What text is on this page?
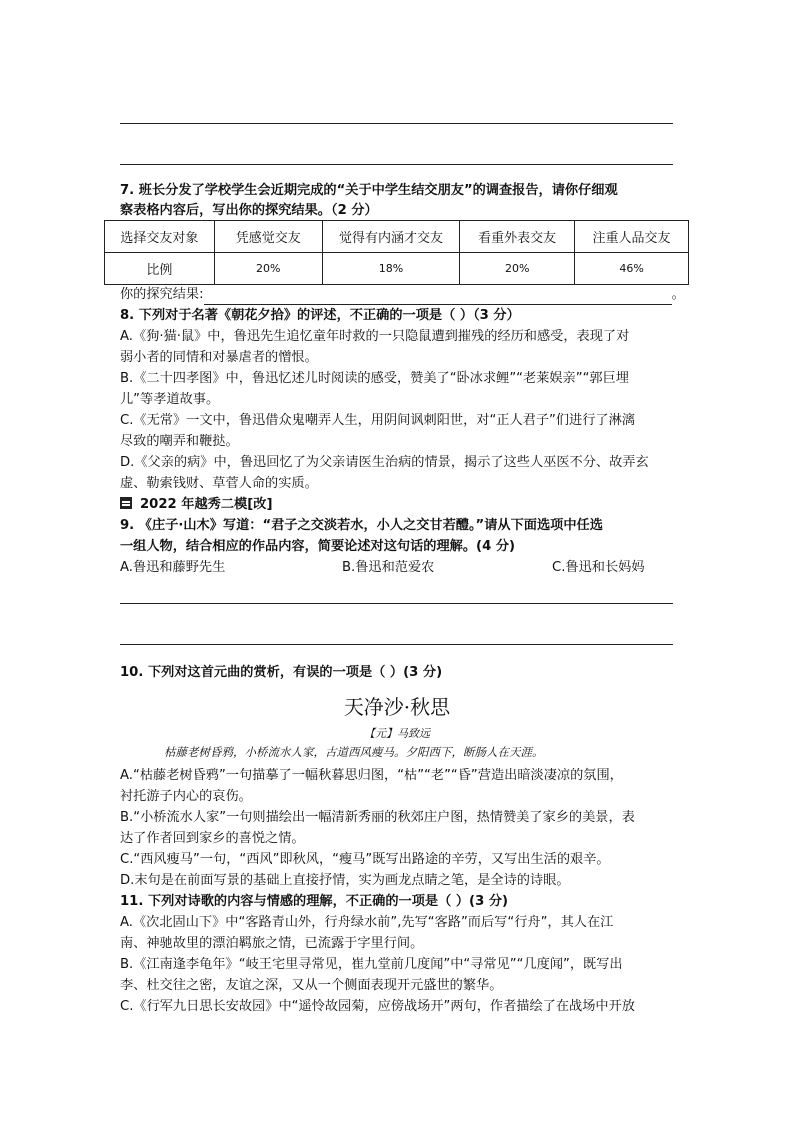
7. 班长分发了学校学生会近期完成的“关于中学生结交朋友”的调查报告，请你仔细观
察表格内容后，写出你的探究结果。（2 分）
选择交友对象	凭感觉交友	觉得有内涵才交友	看重外表交友	注重人品交友
比例	20%	18%	20%	46%
你的探究结果:	。
8. 下列对于名著《朝花夕拾》的评述，不正确的一项是（ ）（3 分）
A.《狗·猫·鼠》中，鲁迅先生追忆童年时救的一只隐鼠遭到摧残的经历和感受，表现了对
弱小者的同情和对暴虐者的憎恨。
B.《二十四孝图》中，鲁迅忆述儿时阅读的感受，赞美了“卧冰求鲤”“老莱娱亲”“郭巨埋
儿”等孝道故事。
C.《无常》一文中，鲁迅借众鬼嘲弄人生，用阴间讽刺阳世，对“正人君子”们进行了淋漓
尽致的嘲弄和鞭挞。
D.《父亲的病》中，鲁迅回忆了为父亲请医生治病的情景，揭示了这些人巫医不分、故弄玄
虚、勒索钱财、草菅人命的实质。
2022 年越秀二模[改]
9. 《庄子·山木》写道：“君子之交淡若水，小人之交甘若醴。”请从下面选项中任选
一组人物，结合相应的作品内容，简要论述对这句话的理解。(4 分)
A.鲁迅和藤野先生	B.鲁迅和范爱农	C.鲁迅和长妈妈
10. 下列对这首元曲的赏析，有误的一项是（ ）(3 分)
天净沙·秋思
【元】马致远
枯藤老树昏鸦，小桥流水人家，古道西风瘦马。夕阳西下，断肠人在天涯。
A.“枯藤老树昏鸦”一句描摹了一幅秋暮思归图，“枯”“老”“昏”营造出暗淡凄凉的氛围，
衬托游子内心的哀伤。
B.“小桥流水人家”一句则描绘出一幅清新秀丽的秋郊庄户图，热情赞美了家乡的美景，表
达了作者回到家乡的喜悦之情。
C.“西风瘦马”一句，“西风”即秋风，“瘦马”既写出路途的辛劳，又写出生活的艰辛。
D.末句是在前面写景的基础上直接抒情，实为画龙点睛之笔，是全诗的诗眼。
11. 下列对诗歌的内容与情感的理解，不正确的一项是（ ）(3 分)
A.《次北固山下》中“客路青山外，行舟绿水前”,先写“客路”而后写“行舟”，其人在江
南、神驰故里的漂泊羁旅之情，已流露于字里行间。
B.《江南逢李龟年》“岐王宅里寻常见，崔九堂前几度闻”中“寻常见”“几度闻”，既写出
李、杜交往之密，友谊之深，又从一个侧面表现开元盛世的繁华。
C.《行军九日思长安故园》中“遥怜故园菊，应傍战场开”两句，作者描绘了在战场中开放
